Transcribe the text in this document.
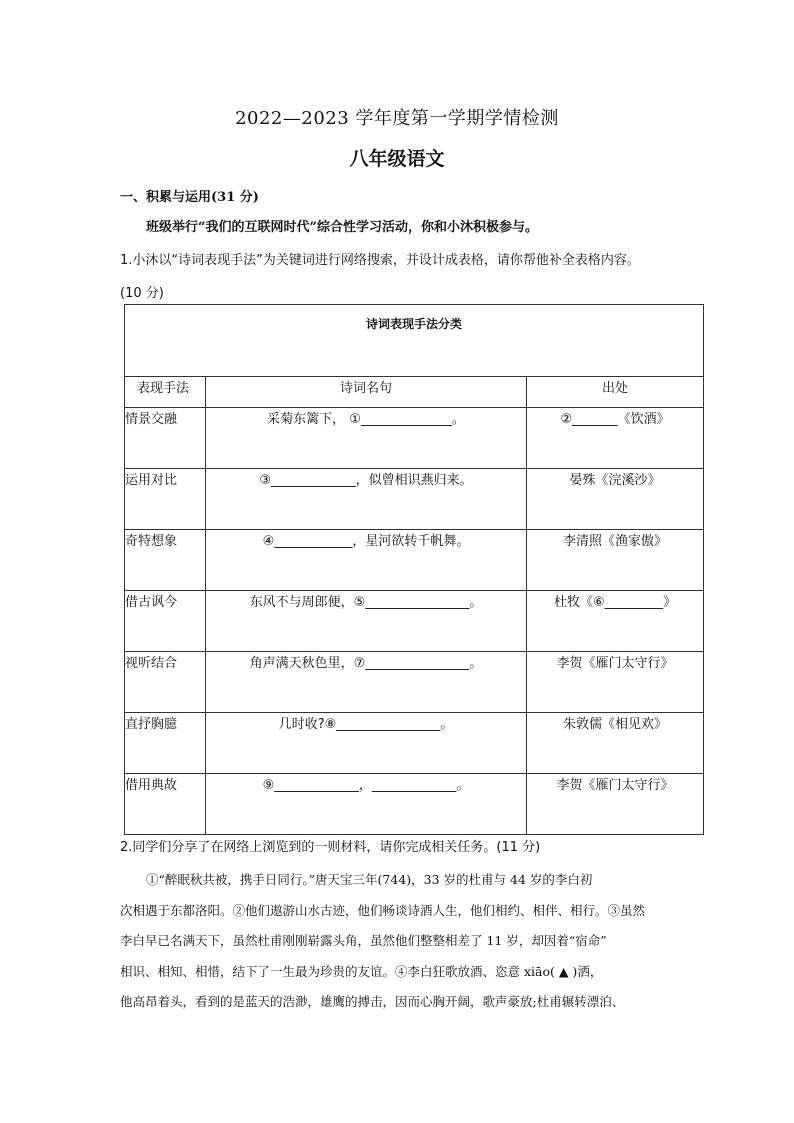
2022—2023 学年度第一学期学情检测
八年级语文
一、积累与运用(31 分)
班级举行“我们的互联网时代”综合性学习活动，你和小沐积极参与。
1.小沐以“诗词表现手法”为关键词进行网络搜索，并设计成表格，请你帮他补全表格内容。
(10 分)
诗词表现手法分类		
表现手法	诗词名句	出处
情景交融	采菊东篱下， ①______________。	②_______《饮酒》
运用对比	③_____________，似曾相识燕归来。	晏殊《浣溪沙》
奇特想象	④____________，星河欲转千帆舞。	李清照《渔家傲》
借古讽今	东风不与周郎便，⑤________________。	杜牧《⑥_________》
视听结合	角声满天秋色里，⑦________________。	李贺《雁门太守行》
直抒胸臆	几时收?⑧________________。	朱敦儒《相见欢》
借用典故	⑨_____________，_____________。	李贺《雁门太守行》
2.同学们分享了在网络上浏览到的一则材料，请你完成相关任务。(11 分)
①“醉眠秋共被，携手日同行。”唐天宝三年(744)，33 岁的杜甫与 44 岁的李白初
次相遇于东都洛阳。②他们遨游山水古迹，他们畅谈诗酒人生，他们相约、相伴、相行。③虽然
李白早已名满天下，虽然杜甫刚刚崭露头角，虽然他们整整相差了 11 岁，却因着“宿命”
相识、相知、相惜，结下了一生最为珍贵的友谊。④李白狂歌放酒、恣意 xiāo( ▲ )洒，
他高昂着头，看到的是蓝天的浩渺，雄鹰的搏击，因而心胸开阔，歌声豪放;杜甫辗转漂泊、
